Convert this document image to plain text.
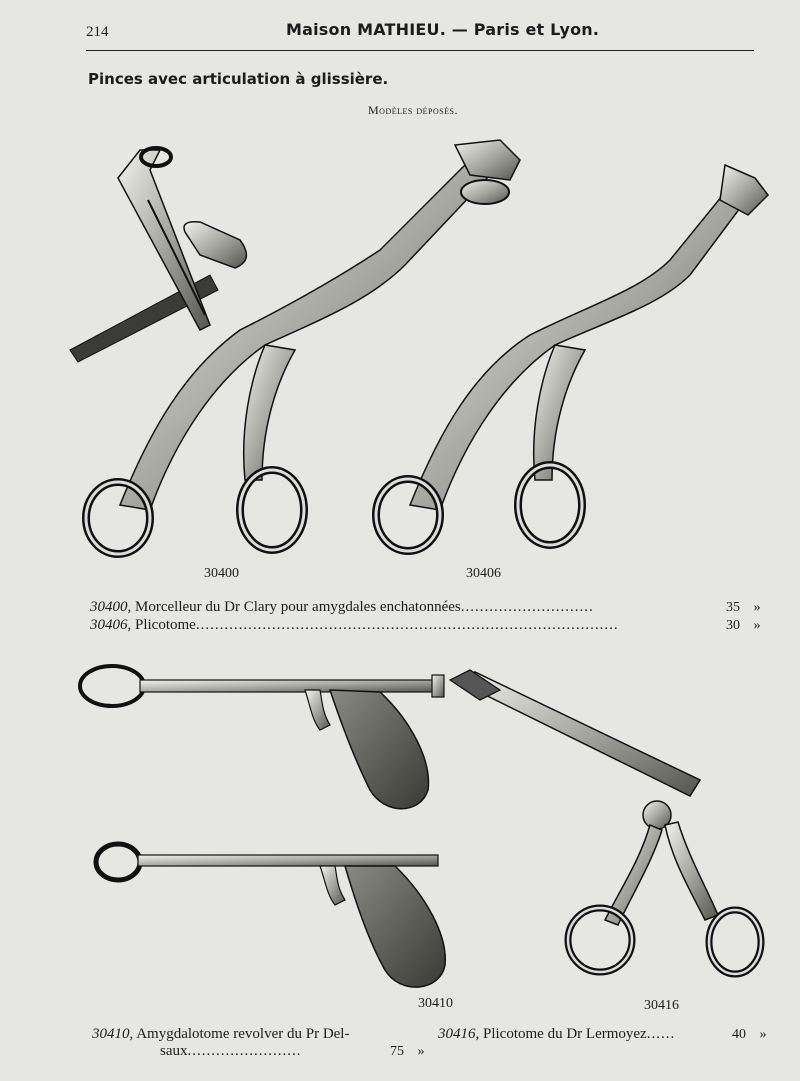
214	Maison MATHIEU. — Paris et Lyon.
Pinces avec articulation à glissière.
Modèles déposés.
30400	30406
30400, Morcelleur du Dr Clary pour amygdales enchatonnées............................	35 »
30406, Plicotome.........................................................................................	30 »
30410	30416
30410, Amygdalotome revolver du Pr Del-
saux........................	75 »
30416, Plicotome du Dr Lermoyez......	40 »
